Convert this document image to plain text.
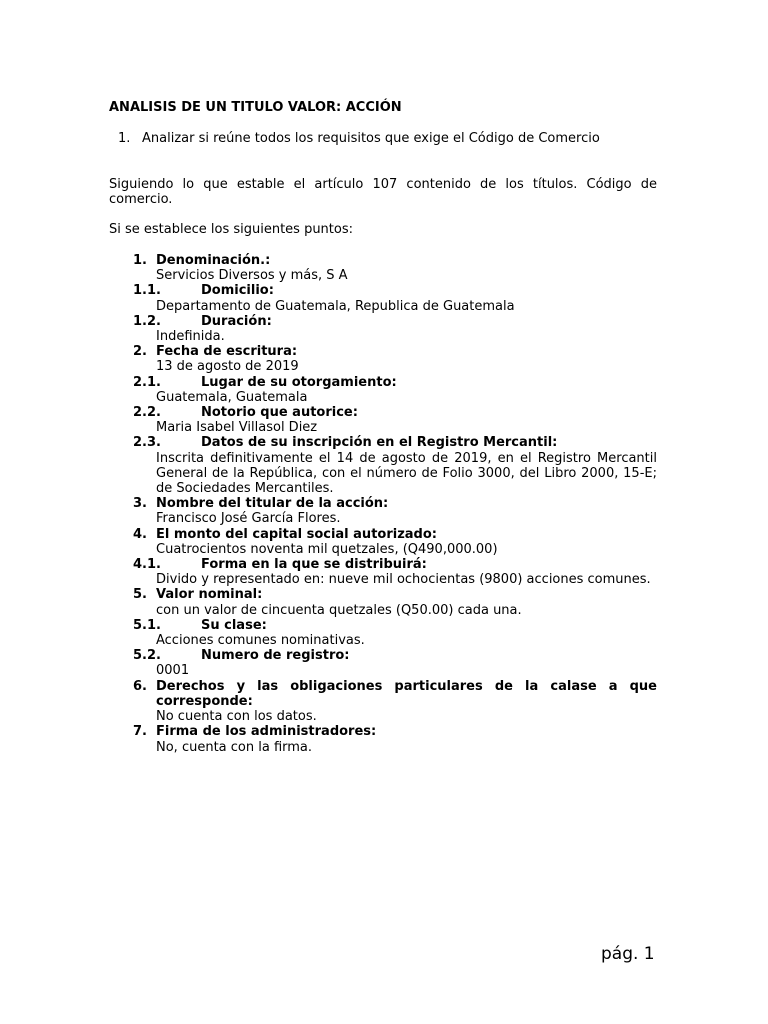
ANALISIS DE UN TITULO VALOR: ACCIÓN
1. Analizar si reúne todos los requisitos que exige el Código de Comercio
Siguiendo lo que estable el artículo 107 contenido de los títulos. Código de comercio.
Si se establece los siguientes puntos:
1. Denominación.:
Servicios Diversos y más, S A
1.1.	Domicilio:
Departamento de Guatemala, Republica de Guatemala
1.2.	Duración:
Indefinida.
2. Fecha de escritura:
13 de agosto de 2019
2.1.	Lugar de su otorgamiento:
Guatemala, Guatemala
2.2.	Notorio que autorice:
Maria Isabel Villasol Diez
2.3.	Datos de su inscripción en el Registro Mercantil:
Inscrita definitivamente el 14 de agosto de 2019, en el Registro Mercantil General de la República, con el número de Folio 3000, del Libro 2000, 15-E; de Sociedades Mercantiles.
3. Nombre del titular de la acción:
Francisco José García Flores.
4. El monto del capital social autorizado:
Cuatrocientos noventa mil quetzales, (Q490,000.00)
4.1.	Forma en la que se distribuirá:
Divido y representado en: nueve mil ochocientas (9800) acciones comunes.
5. Valor nominal:
con un valor de cincuenta quetzales (Q50.00) cada una.
5.1.	Su clase:
Acciones comunes nominativas.
5.2.	Numero de registro:
0001
6. Derechos y las obligaciones particulares de la calase a que corresponde:
No cuenta con los datos.
7. Firma de los administradores:
No, cuenta con la firma.
pág. 1
